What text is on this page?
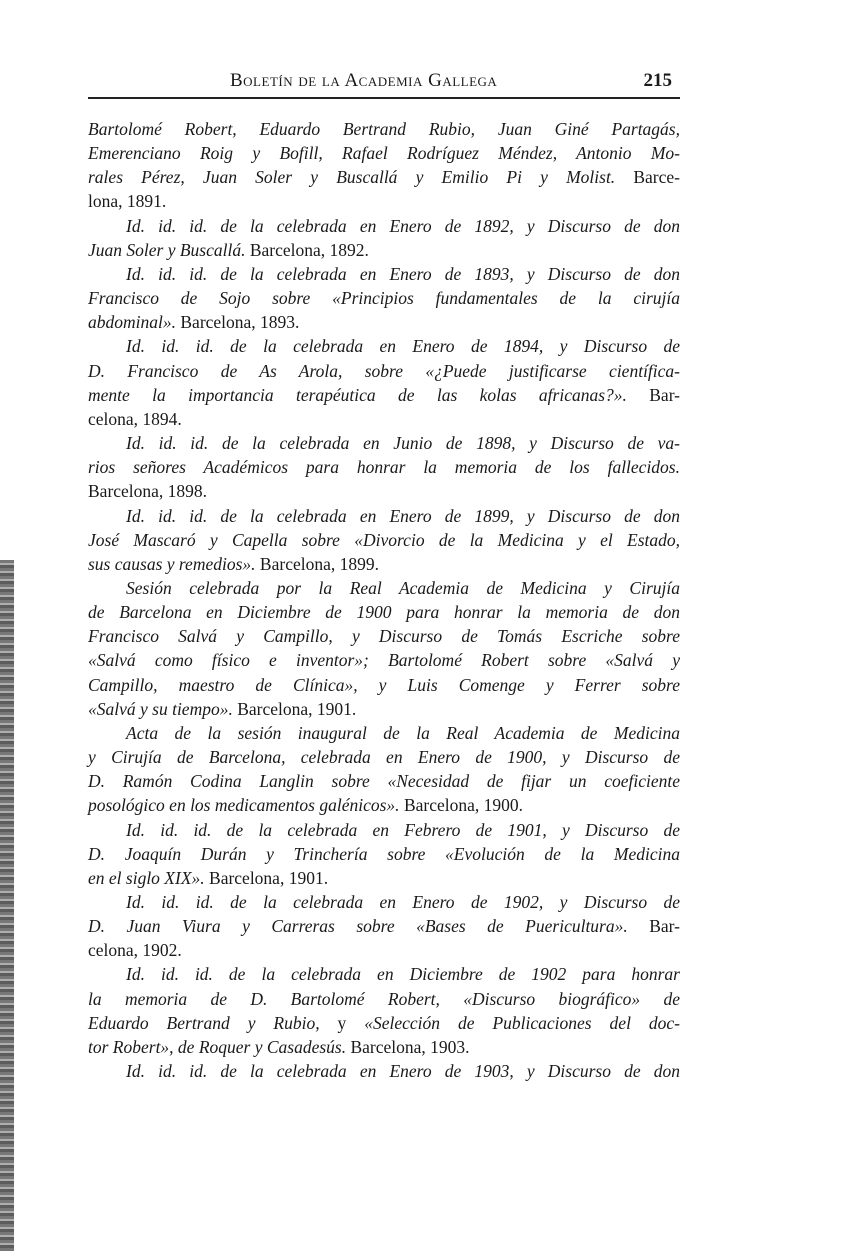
Boletín de la Academia Gallega	215
Bartolomé Robert, Eduardo Bertrand Rubio, Juan Giné Partagás,
Emerenciano Roig y Bofill, Rafael Rodríguez Méndez, Antonio Mo-
rales Pérez, Juan Soler y Buscallá y Emilio Pi y Molist. Barce-
lona, 1891.
Id. id. id. de la celebrada en Enero de 1892, y Discurso de don
Juan Soler y Buscallá. Barcelona, 1892.
Id. id. id. de la celebrada en Enero de 1893, y Discurso de don
Francisco de Sojo sobre «Principios fundamentales de la cirujía
abdominal». Barcelona, 1893.
Id. id. id. de la celebrada en Enero de 1894, y Discurso de
D. Francisco de As Arola, sobre «¿Puede justificarse científica-
mente la importancia terapéutica de las kolas africanas?». Bar-
celona, 1894.
Id. id. id. de la celebrada en Junio de 1898, y Discurso de va-
rios señores Académicos para honrar la memoria de los fallecidos.
Barcelona, 1898.
Id. id. id. de la celebrada en Enero de 1899, y Discurso de don
José Mascaró y Capella sobre «Divorcio de la Medicina y el Estado,
sus causas y remedios». Barcelona, 1899.
Sesión celebrada por la Real Academia de Medicina y Cirujía
de Barcelona en Diciembre de 1900 para honrar la memoria de don
Francisco Salvá y Campillo, y Discurso de Tomás Escriche sobre
«Salvá como físico e inventor»; Bartolomé Robert sobre «Salvá y
Campillo, maestro de Clínica», y Luis Comenge y Ferrer sobre
«Salvá y su tiempo». Barcelona, 1901.
Acta de la sesión inaugural de la Real Academia de Medicina
y Cirujía de Barcelona, celebrada en Enero de 1900, y Discurso de
D. Ramón Codina Langlin sobre «Necesidad de fijar un coeficiente
posológico en los medicamentos galénicos». Barcelona, 1900.
Id. id. id. de la celebrada en Febrero de 1901, y Discurso de
D. Joaquín Durán y Trinchería sobre «Evolución de la Medicina
en el siglo XIX». Barcelona, 1901.
Id. id. id. de la celebrada en Enero de 1902, y Discurso de
D. Juan Viura y Carreras sobre «Bases de Puericultura». Bar-
celona, 1902.
Id. id. id. de la celebrada en Diciembre de 1902 para honrar
la memoria de D. Bartolomé Robert, «Discurso biográfico» de
Eduardo Bertrand y Rubio, y «Selección de Publicaciones del doc-
tor Robert», de Roquer y Casadesús. Barcelona, 1903.
Id. id. id. de la celebrada en Enero de 1903, y Discurso de don
